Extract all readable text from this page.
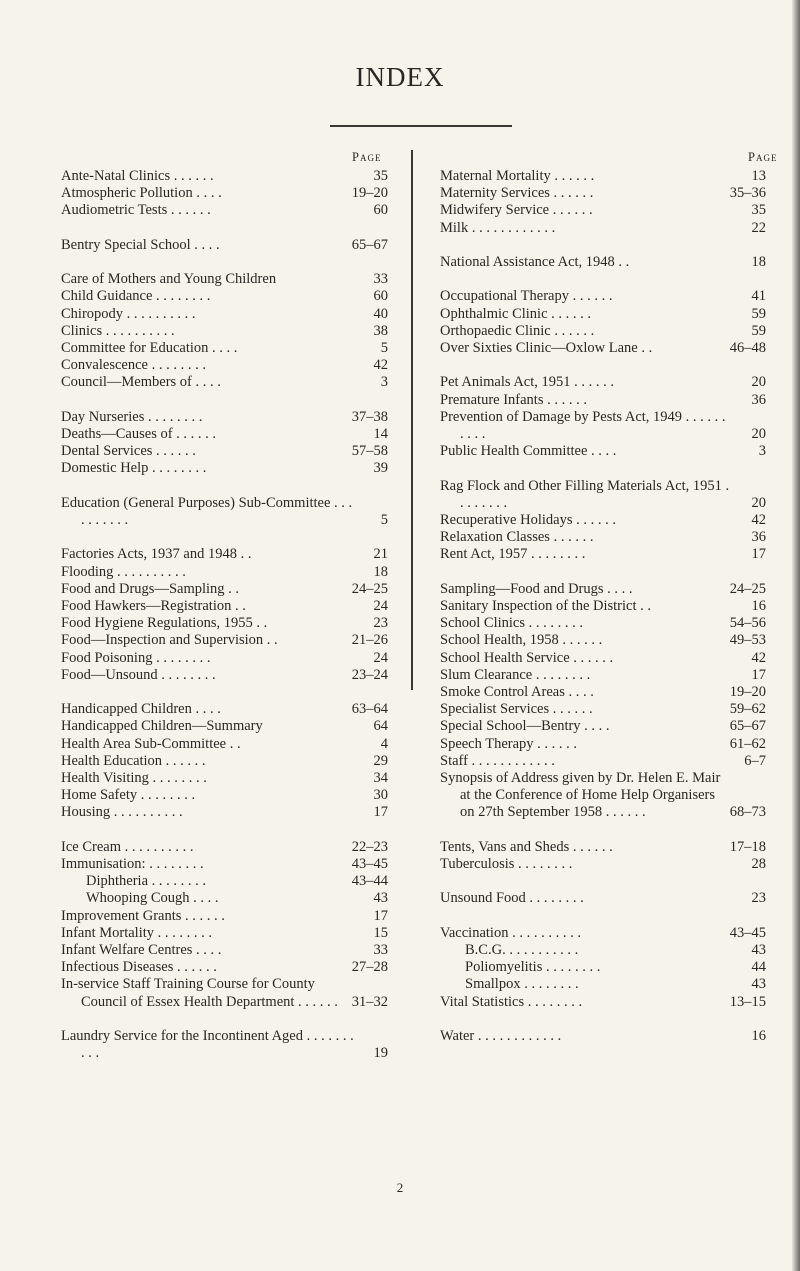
INDEX
Page	Page
Ante-Natal Clinics . . . . . .	35
Atmospheric Pollution . . . .	19–20
Audiometric Tests . . . . . .	60
Bentry Special School . . . .	65–67
Care of Mothers and Young Children	33
Child Guidance . . . . . . . .	60
Chiropody . . . . . . . . . .	40
Clinics . . . . . . . . . .	38
Committee for Education . . . .	5
Convalescence . . . . . . . .	42
Council—Members of . . . .	3
Day Nurseries . . . . . . . .	37–38
Deaths—Causes of . . . . . .	14
Dental Services . . . . . .	57–58
Domestic Help . . . . . . . .	39
Education (General Purposes) Sub-Committee . . . . . . . . . .	5
Factories Acts, 1937 and 1948 . .	21
Flooding . . . . . . . . . .	18
Food and Drugs—Sampling . .	24–25
Food Hawkers—Registration . .	24
Food Hygiene Regulations, 1955 . .	23
Food—Inspection and Supervision . .	21–26
Food Poisoning . . . . . . . .	24
Food—Unsound . . . . . . . .	23–24
Handicapped Children . . . .	63–64
Handicapped Children—Summary	64
Health Area Sub-Committee . .	4
Health Education . . . . . .	29
Health Visiting . . . . . . . .	34
Home Safety . . . . . . . .	30
Housing . . . . . . . . . .	17
Ice Cream . . . . . . . . . .	22–23
Immunisation: . . . . . . . .	43–45
Diphtheria . . . . . . . .	43–44
Whooping Cough . . . .	43
Improvement Grants . . . . . .	17
Infant Mortality . . . . . . . .	15
Infant Welfare Centres . . . .	33
Infectious Diseases . . . . . .	27–28
In-service Staff Training Course for County Council of Essex Health Department . . . . . . 31–32
Laundry Service for the Incontinent Aged . . . . . . . . . .	19
Maternal Mortality . . . . . .	13
Maternity Services . . . . . .	35–36
Midwifery Service . . . . . .	35
Milk . . . . . . . . . . . .	22
National Assistance Act, 1948 . .	18
Occupational Therapy . . . . . .	41
Ophthalmic Clinic . . . . . .	59
Orthopaedic Clinic . . . . . .	59
Over Sixties Clinic—Oxlow Lane . .	46–48
Pet Animals Act, 1951 . . . . . .	20
Premature Infants . . . . . .	36
Prevention of Damage by Pests Act, 1949 . . . . . . . . . .	20
Public Health Committee . . . .	3
Rag Flock and Other Filling Materials Act, 1951 . . . . . . . .	20
Recuperative Holidays . . . . . .	42
Relaxation Classes . . . . . .	36
Rent Act, 1957 . . . . . . . .	17
Sampling—Food and Drugs . . . .	24–25
Sanitary Inspection of the District . .	16
School Clinics . . . . . . . .	54–56
School Health, 1958 . . . . . .	49–53
School Health Service . . . . . .	42
Slum Clearance . . . . . . . .	17
Smoke Control Areas . . . .	19–20
Specialist Services . . . . . .	59–62
Special School—Bentry . . . .	65–67
Speech Therapy . . . . . .	61–62
Staff . . . . . . . . . . . .	6–7
Synopsis of Address given by Dr. Helen E. Mair at the Conference of Home Help Organisers on 27th September 1958 . . . . . .	68–73
Tents, Vans and Sheds . . . . . .	17–18
Tuberculosis . . . . . . . .	28
Unsound Food . . . . . . . .	23
Vaccination . . . . . . . . . .	43–45
B.C.G. . . . . . . . . . .	43
Poliomyelitis . . . . . . . .	44
Smallpox . . . . . . . .	43
Vital Statistics . . . . . . . .	13–15
Water . . . . . . . . . . . .	16
2
